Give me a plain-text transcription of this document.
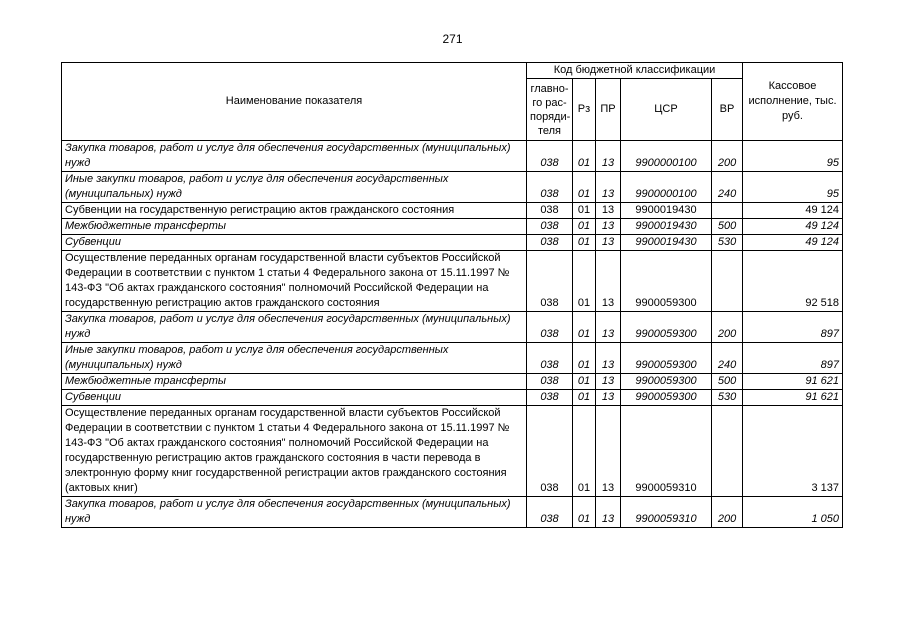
271
Наименование показателя	Код бюджетной классификации					Кассовое исполнение, тыс. руб.
	главно-го рас-поряди-теля	Рз	ПР	ЦСР	ВР	
Закупка товаров, работ и услуг для обеспечения государственных (муниципальных) нужд	038	01	13	9900000100	200	95
Иные закупки товаров, работ и услуг для обеспечения государственных (муниципальных) нужд	038	01	13	9900000100	240	95
Субвенции на государственную регистрацию актов гражданского состояния	038	01	13	9900019430		49 124
Межбюджетные трансферты	038	01	13	9900019430	500	49 124
Субвенции	038	01	13	9900019430	530	49 124
Осуществление переданных органам государственной власти субъектов Российской Федерации в соответствии с пунктом 1 статьи 4 Федерального закона от 15.11.1997 № 143-ФЗ "Об актах гражданского состояния" полномочий Российской Федерации на государственную регистрацию актов гражданского состояния	038	01	13	9900059300		92 518
Закупка товаров, работ и услуг для обеспечения государственных (муниципальных) нужд	038	01	13	9900059300	200	897
Иные закупки товаров, работ и услуг для обеспечения государственных (муниципальных) нужд	038	01	13	9900059300	240	897
Межбюджетные трансферты	038	01	13	9900059300	500	91 621
Субвенции	038	01	13	9900059300	530	91 621
Осуществление переданных органам государственной власти субъектов Российской Федерации в соответствии с пунктом 1 статьи 4 Федерального закона от 15.11.1997 № 143-ФЗ "Об актах гражданского состояния" полномочий Российской Федерации на государственную регистрацию актов гражданского состояния в части перевода в электронную форму книг государственной регистрации актов гражданского состояния (актовых книг)	038	01	13	9900059310		3 137
Закупка товаров, работ и услуг для обеспечения государственных (муниципальных) нужд	038	01	13	9900059310	200	1 050
